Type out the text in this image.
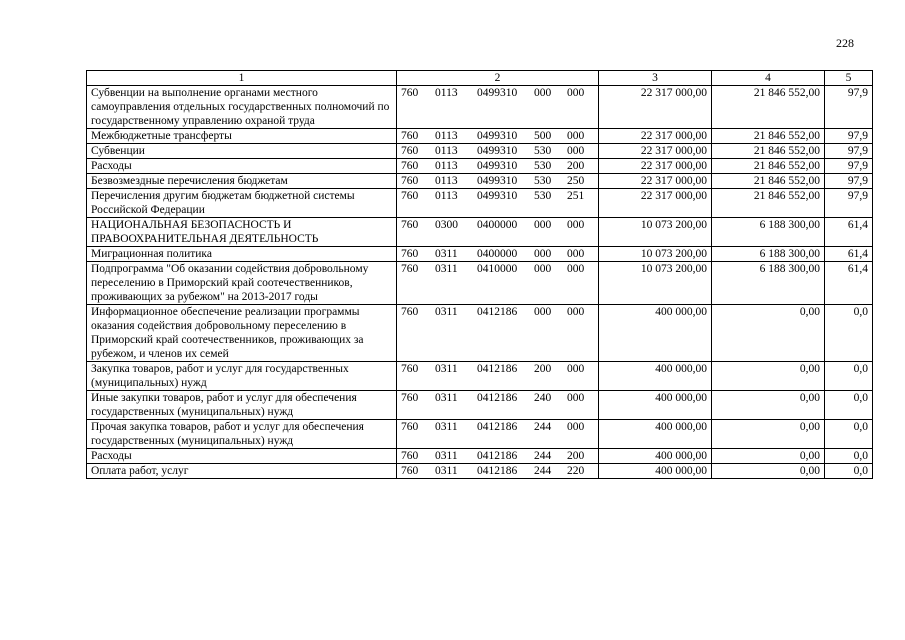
228
1	2	3	4	5
Субвенции на выполнение органами местного самоуправления отдельных государственных полномочий по государственному управлению охраной труда	760 0113 0499310 000 000	22 317 000,00	21 846 552,00	97,9
Межбюджетные трансферты	760 0113 0499310 500 000	22 317 000,00	21 846 552,00	97,9
Субвенции	760 0113 0499310 530 000	22 317 000,00	21 846 552,00	97,9
Расходы	760 0113 0499310 530 200	22 317 000,00	21 846 552,00	97,9
Безвозмездные перечисления бюджетам	760 0113 0499310 530 250	22 317 000,00	21 846 552,00	97,9
Перечисления другим бюджетам бюджетной системы Российской Федерации	760 0113 0499310 530 251	22 317 000,00	21 846 552,00	97,9
НАЦИОНАЛЬНАЯ БЕЗОПАСНОСТЬ И ПРАВООХРАНИТЕЛЬНАЯ ДЕЯТЕЛЬНОСТЬ	760 0300 0400000 000 000	10 073 200,00	6 188 300,00	61,4
Миграционная политика	760 0311 0400000 000 000	10 073 200,00	6 188 300,00	61,4
Подпрограмма "Об оказании содействия добровольному переселению в Приморский край соотечественников, проживающих за рубежом" на 2013-2017 годы	760 0311 0410000 000 000	10 073 200,00	6 188 300,00	61,4
Информационное обеспечение реализации программы оказания содействия добровольному переселению в Приморский край соотечественников, проживающих за рубежом, и членов их семей	760 0311 0412186 000 000	400 000,00	0,00	0,0
Закупка товаров, работ и услуг для государственных (муниципальных) нужд	760 0311 0412186 200 000	400 000,00	0,00	0,0
Иные закупки товаров, работ и услуг для обеспечения государственных (муниципальных) нужд	760 0311 0412186 240 000	400 000,00	0,00	0,0
Прочая закупка товаров, работ и услуг для обеспечения государственных (муниципальных) нужд	760 0311 0412186 244 000	400 000,00	0,00	0,0
Расходы	760 0311 0412186 244 200	400 000,00	0,00	0,0
Оплата работ, услуг	760 0311 0412186 244 220	400 000,00	0,00	0,0
